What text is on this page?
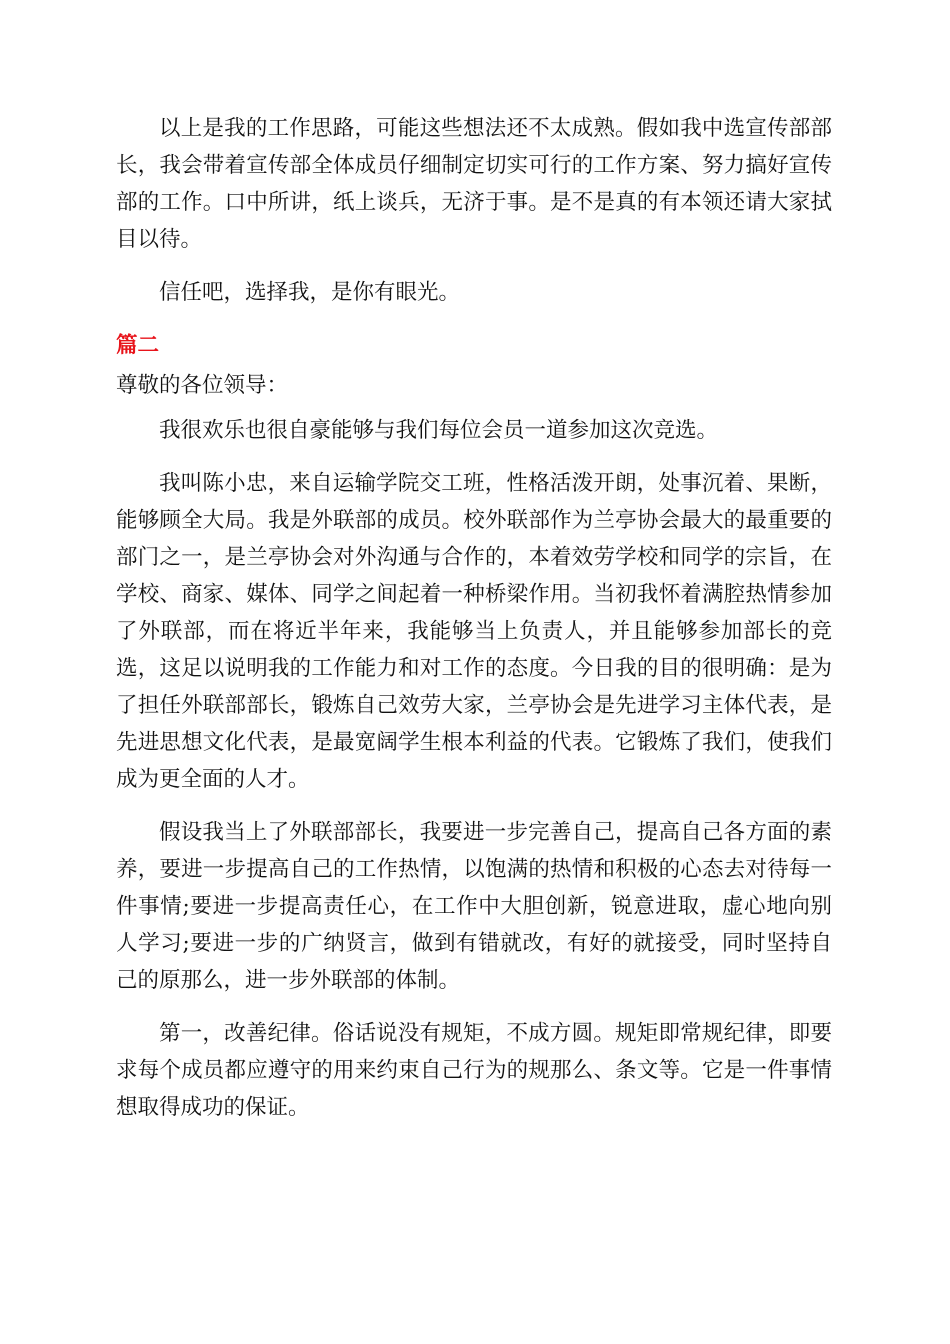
以上是我的工作思路，可能这些想法还不太成熟。假如我中选宣传部部长，我会带着宣传部全体成员仔细制定切实可行的工作方案、努力搞好宣传部的工作。口中所讲，纸上谈兵，无济于事。是不是真的有本领还请大家拭目以待。

信任吧，选择我，是你有眼光。

篇二
尊敬的各位领导：

我很欢乐也很自豪能够与我们每位会员一道参加这次竞选。

我叫陈小忠，来自运输学院交工班，性格活泼开朗，处事沉着、果断，能够顾全大局。我是外联部的成员。校外联部作为兰亭协会最大的最重要的部门之一，是兰亭协会对外沟通与合作的，本着效劳学校和同学的宗旨，在学校、商家、媒体、同学之间起着一种桥梁作用。当初我怀着满腔热情参加了外联部，而在将近半年来，我能够当上负责人，并且能够参加部长的竞选，这足以说明我的工作能力和对工作的态度。今日我的目的很明确：是为了担任外联部部长，锻炼自己效劳大家，兰亭协会是先进学习主体代表，是先进思想文化代表，是最宽阔学生根本利益的代表。它锻炼了我们，使我们成为更全面的人才。

假设我当上了外联部部长，我要进一步完善自己，提高自己各方面的素养，要进一步提高自己的工作热情，以饱满的热情和积极的心态去对待每一件事情;要进一步提高责任心，在工作中大胆创新，锐意进取，虚心地向别人学习;要进一步的广纳贤言，做到有错就改，有好的就接受，同时坚持自己的原那么，进一步外联部的体制。

第一，改善纪律。俗话说没有规矩，不成方圆。规矩即常规纪律，即要求每个成员都应遵守的用来约束自己行为的规那么、条文等。它是一件事情想取得成功的保证。
